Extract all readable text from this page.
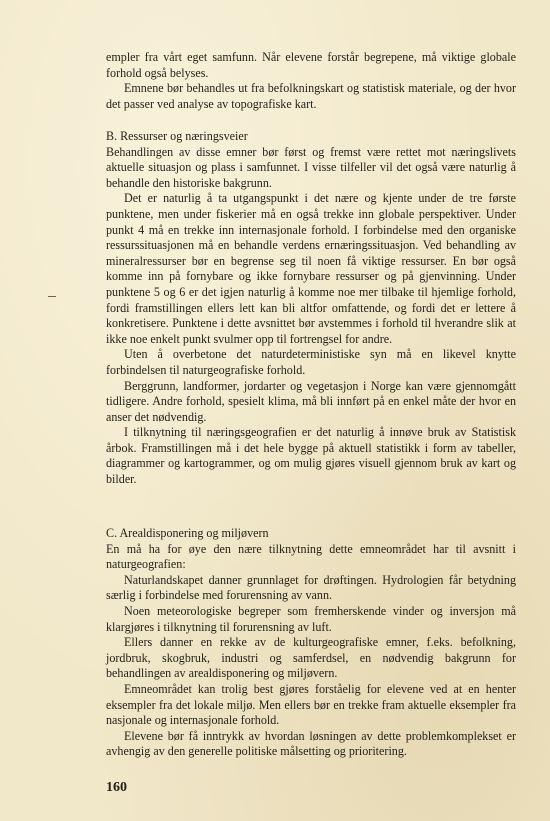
empler fra vårt eget samfunn. Når elevene forstår begrepene, må viktige globale forhold også belyses.

Emnene bør behandles ut fra befolkningskart og statistisk materiale, og der hvor det passer ved analyse av topografiske kart.

B. Ressurser og næringsveier

Behandlingen av disse emner bør først og fremst være rettet mot næringslivets aktuelle situasjon og plass i samfunnet. I visse tilfeller vil det også være naturlig å behandle den historiske bakgrunn.

Det er naturlig å ta utgangspunkt i det nære og kjente under de tre første punktene, men under fiskerier må en også trekke inn globale perspektiver. Under punkt 4 må en trekke inn internasjonale forhold. I forbindelse med den organiske ressurssituasjonen må en behandle verdens ernæringssituasjon. Ved behandling av mineralressurser bør en begrense seg til noen få viktige ressurser. En bør også komme inn på fornybare og ikke fornybare ressurser og på gjenvinning. Under punktene 5 og 6 er det igjen naturlig å komme noe mer tilbake til hjemlige forhold, fordi framstillingen ellers lett kan bli altfor omfattende, og fordi det er lettere å konkretisere. Punktene i dette avsnittet bør avstemmes i forhold til hverandre slik at ikke noe enkelt punkt svulmer opp til fortrengsel for andre.

Uten å overbetone det naturdeterministiske syn må en likevel knytte forbindelsen til naturgeografiske forhold.

Berggrunn, landformer, jordarter og vegetasjon i Norge kan være gjennomgått tidligere. Andre forhold, spesielt klima, må bli innført på en enkel måte der hvor en anser det nødvendig.

I tilknytning til næringsgeografien er det naturlig å innøve bruk av Statistisk årbok. Framstillingen må i det hele bygge på aktuell statistikk i form av tabeller, diagrammer og kartogrammer, og om mulig gjøres visuell gjennom bruk av kart og bilder.

C. Arealdisponering og miljøvern

En må ha for øye den nære tilknytning dette emneområdet har til avsnitt i naturgeografien:

Naturlandskapet danner grunnlaget for drøftingen. Hydrologien får betydning særlig i forbindelse med forurensning av vann.

Noen meteorologiske begreper som fremherskende vinder og inversjon må klargjøres i tilknytning til forurensning av luft.

Ellers danner en rekke av de kulturgeografiske emner, f.eks. befolkning, jordbruk, skogbruk, industri og samferdsel, en nødvendig bakgrunn for behandlingen av arealdisponering og miljøvern.

Emneområdet kan trolig best gjøres forståelig for elevene ved at en henter eksempler fra det lokale miljø. Men ellers bør en trekke fram aktuelle eksempler fra nasjonale og internasjonale forhold.

Elevene bør få inntrykk av hvordan løsningen av dette problemkomplekset er avhengig av den generelle politiske målsetting og prioritering.

160
